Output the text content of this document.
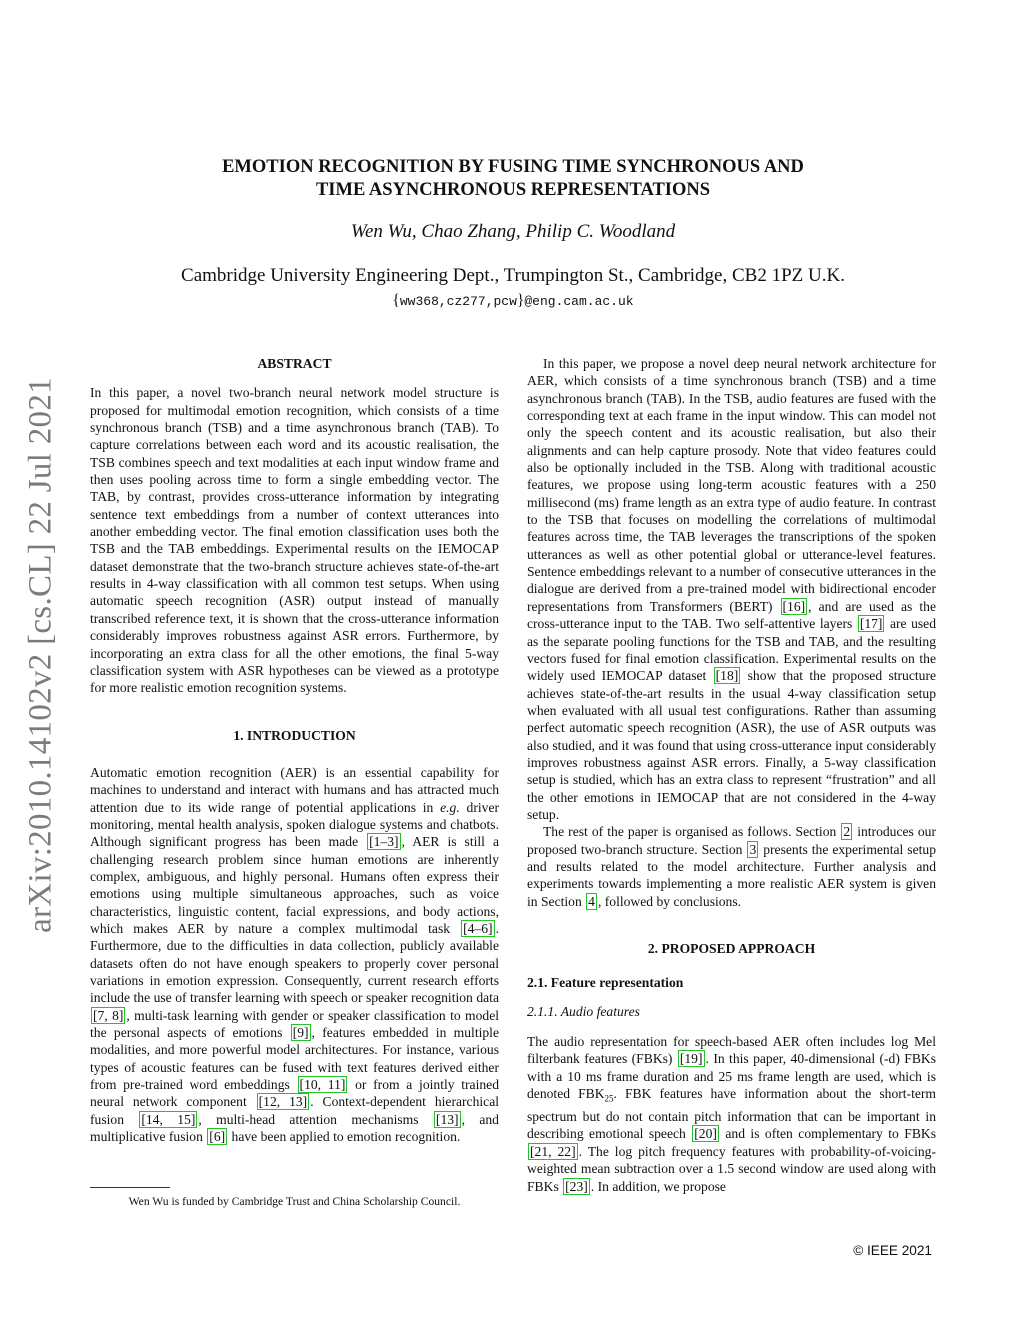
arXiv:2010.14102v2 [cs.CL] 22 Jul 2021
EMOTION RECOGNITION BY FUSING TIME SYNCHRONOUS AND
TIME ASYNCHRONOUS REPRESENTATIONS
Wen Wu, Chao Zhang, Philip C. Woodland
Cambridge University Engineering Dept., Trumpington St., Cambridge, CB2 1PZ U.K.
{ww368,cz277,pcw}@eng.cam.ac.uk
ABSTRACT

In this paper, a novel two-branch neural network model structure is proposed for multimodal emotion recognition, which consists of a time synchronous branch (TSB) and a time asynchronous branch (TAB). To capture correlations between each word and its acoustic realisation, the TSB combines speech and text modalities at each input window frame and then uses pooling across time to form a single embedding vector. The TAB, by contrast, provides cross-utterance information by integrating sentence text embeddings from a number of context utterances into another embedding vector. The final emotion classification uses both the TSB and the TAB embeddings. Experimental results on the IEMOCAP dataset demonstrate that the two-branch structure achieves state-of-the-art results in 4-way classification with all common test setups. When using automatic speech recognition (ASR) output instead of manually transcribed reference text, it is shown that the cross-utterance information considerably improves robustness against ASR errors. Furthermore, by incorporating an extra class for all the other emotions, the final 5-way classification system with ASR hypotheses can be viewed as a prototype for more realistic emotion recognition systems.

1. INTRODUCTION

Automatic emotion recognition (AER) is an essential capability for machines to understand and interact with humans and has attracted much attention due to its wide range of potential applications in e.g. driver monitoring, mental health analysis, spoken dialogue systems and chatbots. Although significant progress has been made [1–3] , AER is still a challenging research problem since human emotions are inherently complex, ambiguous, and highly personal. Humans often express their emotions using multiple simultaneous approaches, such as voice characteristics, linguistic content, facial expressions, and body actions, which makes AER by nature a complex multimodal task [4–6] . Furthermore, due to the difficulties in data collection, publicly available datasets often do not have enough speakers to properly cover personal variations in emotion expression. Consequently, current research efforts include the use of transfer learning with speech or speaker recognition data [7, 8] , multi-task learning with gender or speaker classification to model the personal aspects of emotions [9] , features embedded in multiple modalities, and more powerful model architectures. For instance, various types of acoustic features can be fused with text features derived either from pre-trained word embeddings [10, 11] or from a jointly trained neural network component [12, 13] . Context-dependent hierarchical fusion [14, 15] , multi-head attention mechanisms [13] , and multiplicative fusion [6] have been applied to emotion recognition.

In this paper, we propose a novel deep neural network architecture for AER, which consists of a time synchronous branch (TSB) and a time asynchronous branch (TAB). In the TSB, audio features are fused with the corresponding text at each frame in the input window. This can model not only the speech content and its acoustic realisation, but also their alignments and can help capture prosody. Note that video features could also be optionally included in the TSB. Along with traditional acoustic features, we propose using long-term acoustic features with a 250 millisecond (ms) frame length as an extra type of audio feature. In contrast to the TSB that focuses on modelling the correlations of multimodal features across time, the TAB leverages the transcriptions of the spoken utterances as well as other potential global or utterance-level features. Sentence embeddings relevant to a number of consecutive utterances in the dialogue are derived from a pre-trained model with bidirectional encoder representations from Transformers (BERT) [16] , and are used as the cross-utterance input to the TAB. Two self-attentive layers [17] are used as the separate pooling functions for the TSB and TAB, and the resulting vectors fused for final emotion classification. Experimental results on the widely used IEMOCAP dataset [18] show that the proposed structure achieves state-of-the-art results in the usual 4-way classification setup when evaluated with all usual test configurations. Rather than assuming perfect automatic speech recognition (ASR), the use of ASR outputs was also studied, and it was found that using cross-utterance input considerably improves robustness against ASR errors. Finally, a 5-way classification setup is studied, which has an extra class to represent “frustration” and all the other emotions in IEMOCAP that are not considered in the 4-way setup.

The rest of the paper is organised as follows. Section 2 introduces our proposed two-branch structure. Section 3 presents the experimental setup and results related to the model architecture. Further analysis and experiments towards implementing a more realistic AER system is given in Section 4 , followed by conclusions.

2. PROPOSED APPROACH
2.1. Feature representation
2.1.1. Audio features

The audio representation for speech-based AER often includes log Mel filterbank features (FBKs) [19] . In this paper, 40-dimensional (-d) FBKs with a 10 ms frame duration and 25 ms frame length are used, which is denoted $FBK_{25}$. FBK features have information about the short-term spectrum but do not contain pitch information that can be important in describing emotional speech [20] and is often complementary to FBKs [21, 22] . The log pitch frequency features with probability-of-voicing-weighted mean subtraction over a 1.5 second window are used along with FBKs [23] . In addition, we propose

Wen Wu is funded by Cambridge Trust and China Scholarship Council.
© IEEE 2021
